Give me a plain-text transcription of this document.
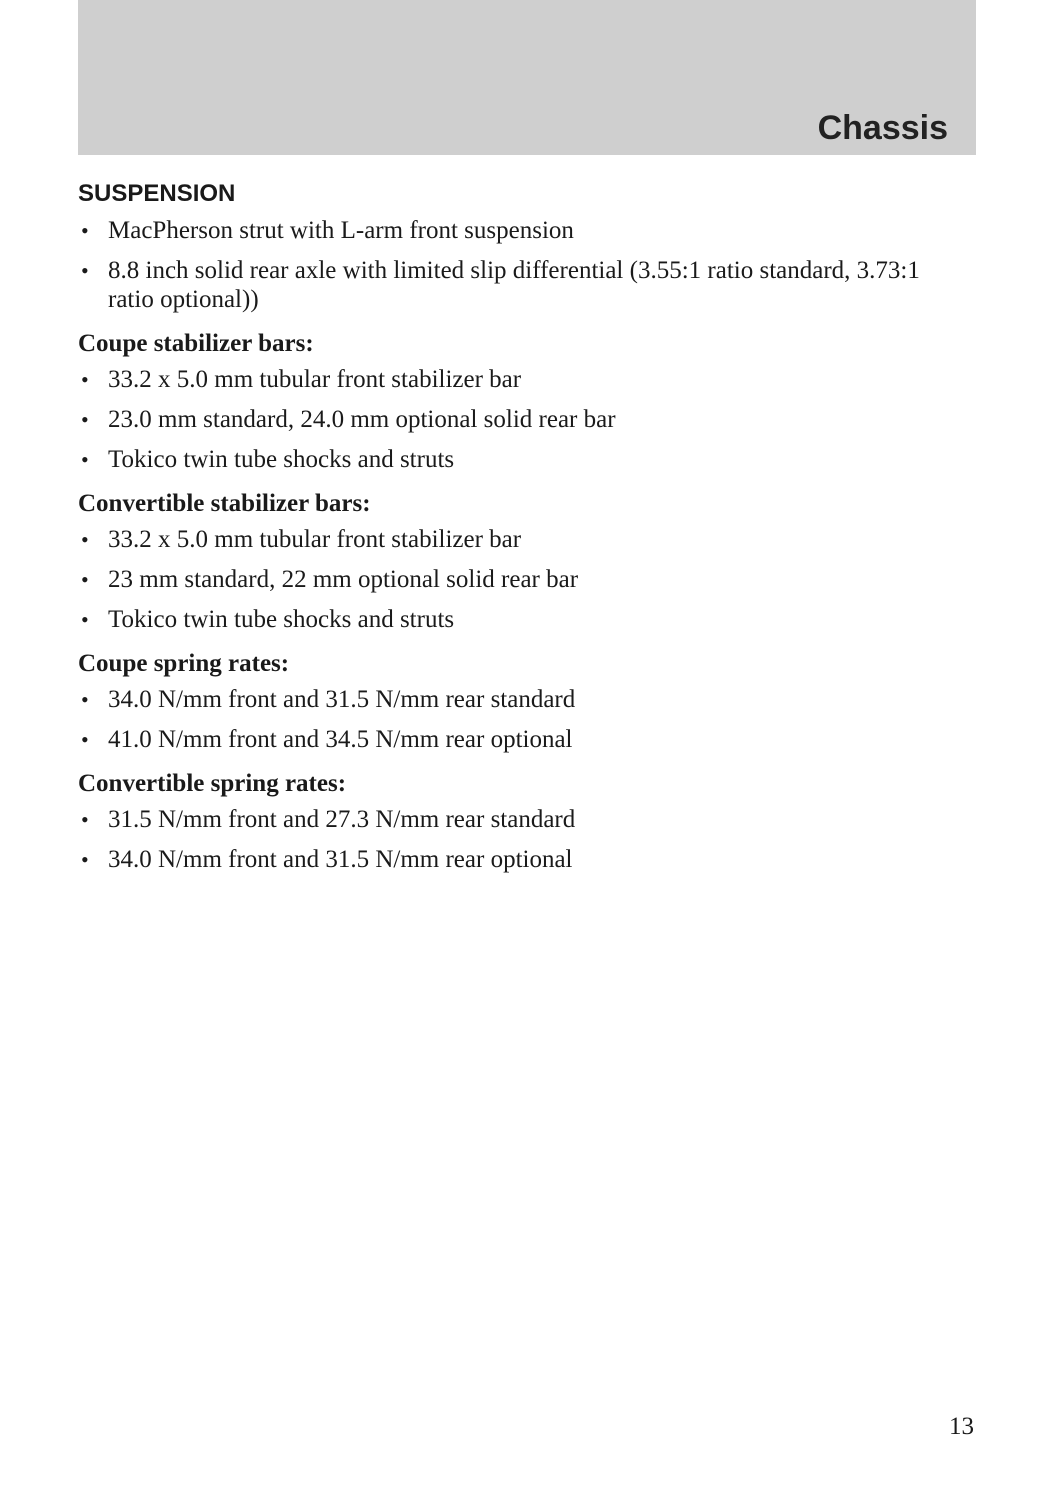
Chassis
SUSPENSION
• MacPherson strut with L-arm front suspension
• 8.8 inch solid rear axle with limited slip differential (3.55:1 ratio standard, 3.73:1 ratio optional))
Coupe stabilizer bars:
• 33.2 x 5.0 mm tubular front stabilizer bar
• 23.0 mm standard, 24.0 mm optional solid rear bar
• Tokico twin tube shocks and struts
Convertible stabilizer bars:
• 33.2 x 5.0 mm tubular front stabilizer bar
• 23 mm standard, 22 mm optional solid rear bar
• Tokico twin tube shocks and struts
Coupe spring rates:
• 34.0 N/mm front and 31.5 N/mm rear standard
• 41.0 N/mm front and 34.5 N/mm rear optional
Convertible spring rates:
• 31.5 N/mm front and 27.3 N/mm rear standard
• 34.0 N/mm front and 31.5 N/mm rear optional
13
